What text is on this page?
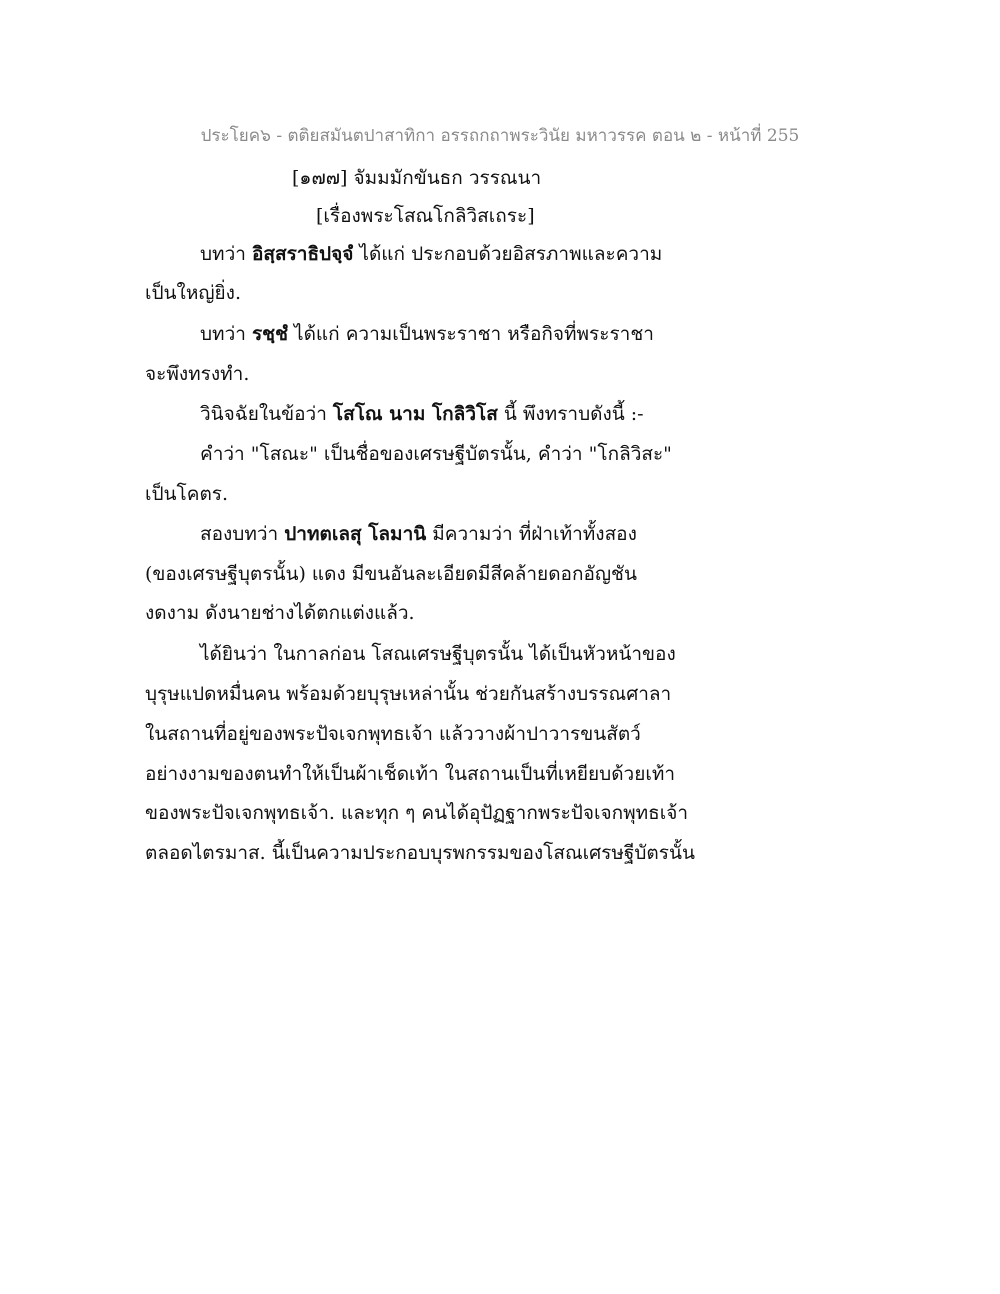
ประโยค๖ - ตติยสมันตปาสาทิกา อรรถกถาพระวินัย มหาวรรค ตอน ๒ - หน้าที่ 255
[๑๗๗] จัมมมักขันธก วรรณนา
[เรื่องพระโสณโกลิวิสเถระ]
บทว่า อิสฺสราธิปจฺจํ ได้แก่ ประกอบด้วยอิสรภาพและความ
เป็นใหญ่ยิ่ง.
บทว่า รชฺชํ ได้แก่ ความเป็นพระราชา หรือกิจที่พระราชา
จะพึงทรงทำ.
วินิจฉัยในข้อว่า โสโณ นาม โกลิวิโส นี้ พึงทราบดังนี้ :-
คำว่า "โสณะ" เป็นชื่อของเศรษฐีบัตรนั้น, คำว่า "โกลิวิสะ"
เป็นโคตร.
สองบทว่า ปาทตเลสุ โลมานิ มีความว่า ที่ฝ่าเท้าทั้งสอง
(ของเศรษฐีบุตรนั้น) แดง มีขนอันละเอียดมีสีคล้ายดอกอัญชัน
งดงาม ดังนายช่างได้ตกแต่งแล้ว.
ได้ยินว่า ในกาลก่อน โสณเศรษฐีบุตรนั้น ได้เป็นหัวหน้าของ
บุรุษแปดหมื่นคน พร้อมด้วยบุรุษเหล่านั้น ช่วยกันสร้างบรรณศาลา
ในสถานที่อยู่ของพระปัจเจกพุทธเจ้า แล้ววางผ้าปาวารขนสัตว์
อย่างงามของตนทำให้เป็นผ้าเช็ดเท้า ในสถานเป็นที่เหยียบด้วยเท้า
ของพระปัจเจกพุทธเจ้า. และทุก ๆ คนได้อุปัฏฐากพระปัจเจกพุทธเจ้า
ตลอดไตรมาส. นี้เป็นความประกอบบุรพกรรมของโสณเศรษฐีบัตรนั้น
